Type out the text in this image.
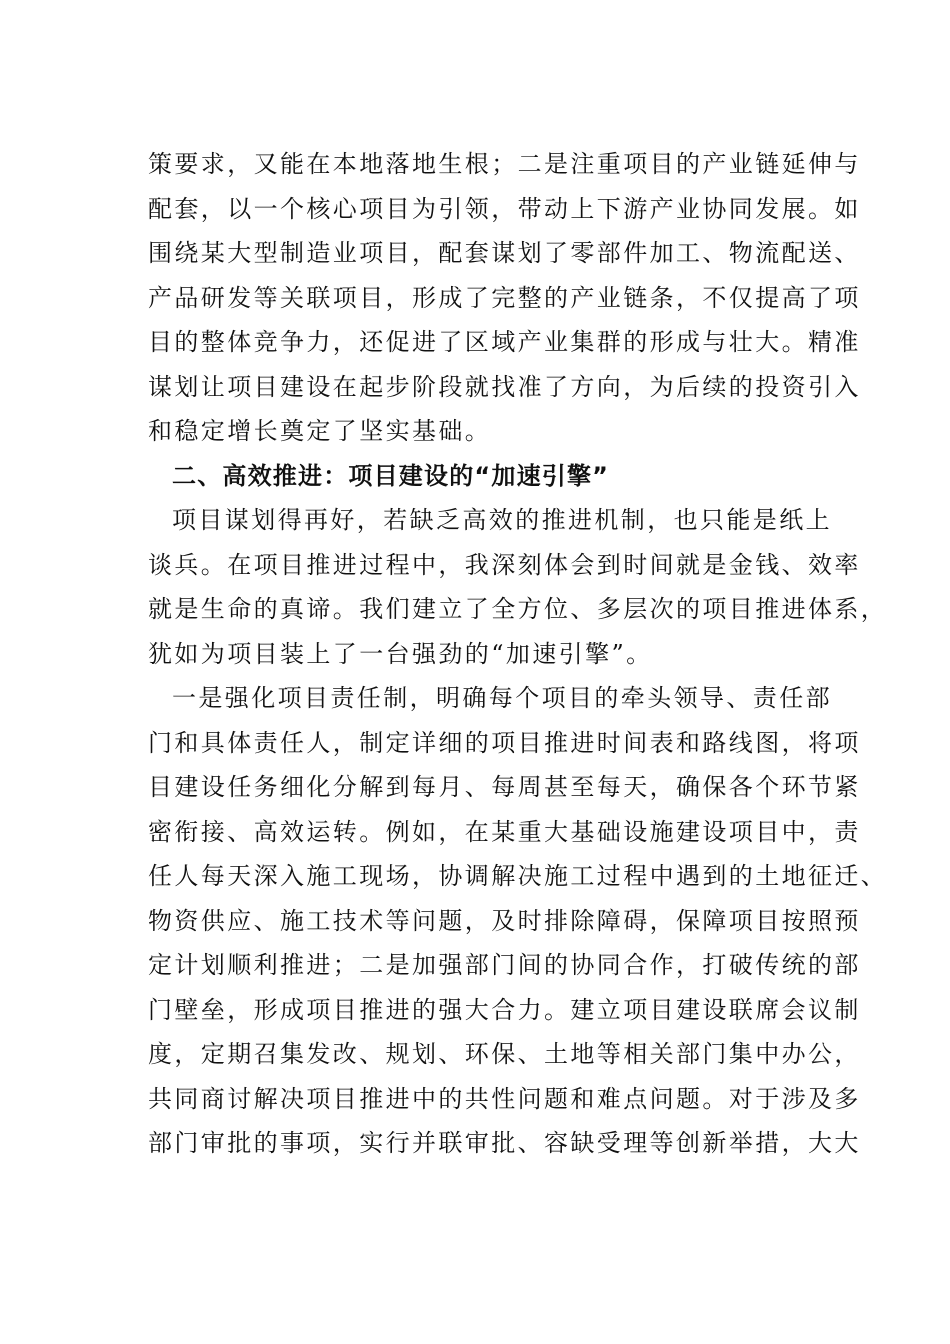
策要求，又能在本地落地生根；二是注重项目的产业链延伸与
配套，以一个核心项目为引领，带动上下游产业协同发展。如
围绕某大型制造业项目，配套谋划了零部件加工、物流配送、
产品研发等关联项目，形成了完整的产业链条，不仅提高了项
目的整体竞争力，还促进了区域产业集群的形成与壮大。精准
谋划让项目建设在起步阶段就找准了方向，为后续的投资引入
和稳定增长奠定了坚实基础。
二、高效推进：项目建设的“加速引擎”
项目谋划得再好，若缺乏高效的推进机制，也只能是纸上
谈兵。在项目推进过程中，我深刻体会到时间就是金钱、效率
就是生命的真谛。我们建立了全方位、多层次的项目推进体系，
犹如为项目装上了一台强劲的“加速引擎”。
一是强化项目责任制，明确每个项目的牵头领导、责任部
门和具体责任人，制定详细的项目推进时间表和路线图，将项
目建设任务细化分解到每月、每周甚至每天，确保各个环节紧
密衔接、高效运转。例如，在某重大基础设施建设项目中，责
任人每天深入施工现场，协调解决施工过程中遇到的土地征迁、
物资供应、施工技术等问题，及时排除障碍，保障项目按照预
定计划顺利推进；二是加强部门间的协同合作，打破传统的部
门壁垒，形成项目推进的强大合力。建立项目建设联席会议制
度，定期召集发改、规划、环保、土地等相关部门集中办公，
共同商讨解决项目推进中的共性问题和难点问题。对于涉及多
部门审批的事项，实行并联审批、容缺受理等创新举措，大大
